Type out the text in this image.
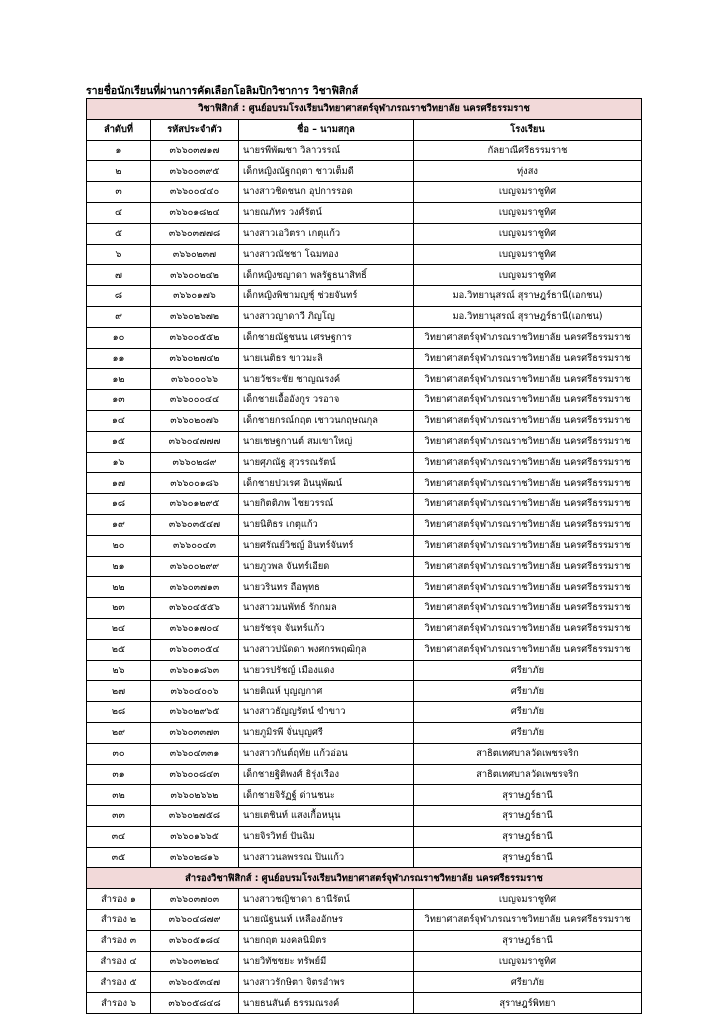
รายชื่อนักเรียนที่ผ่านการคัดเลือกโอลิมปิกวิชาการ วิชาฟิสิกส์
วิชาฟิสิกส์ : ศูนย์อบรมโรงเรียนวิทยาศาสตร์จุฬาภรณราชวิทยาลัย นครศรีธรรมราช			
ลำดับที่	รหัสประจำตัว	ชื่อ – นามสกุล	โรงเรียน
๑	๓๖๖๐๓๗๑๗	นายรพีพัฒชา วิลาวรรณ์	กัลยาณีศรีธรรมราช
๒	๓๖๖๐๐๓๙๕	เด็กหญิงณัฐกฤตา ชาวเต็มดี	ทุ่งสง
๓	๓๖๖๐๐๔๔๐	นางสาวชิดชนก อุปการรอด	เบญจมราชูทิศ
๔	๓๖๖๐๑๘๒๔	นายณภัทร วงศ์รัตน์	เบญจมราชูทิศ
๕	๓๖๖๐๓๗๗๘	นางสาวเอวิตรา เกตุแก้ว	เบญจมราชูทิศ
๖	๓๖๖๐๒๓๗	นางสาวณัชชา โฉมทอง	เบญจมราชูทิศ
๗	๓๖๖๐๐๒๔๒	เด็กหญิงชญาดา พลรัฐธนาสิทธิ์	เบญจมราชูทิศ
๘	๓๖๖๐๑๗๖	เด็กหญิงพิชามญชุ์ ช่วยจันทร์	มอ.วิทยานุสรณ์ สุราษฎร์ธานี(เอกชน)
๙	๓๖๖๐๒๖๗๒	นางสาวญาดาวี ภิญโญ	มอ.วิทยานุสรณ์ สุราษฎร์ธานี(เอกชน)
๑๐	๓๖๖๐๐๕๕๒	เด็กชายณัฐชนน เศรษฐการ	วิทยาศาสตร์จุฬาภรณราชวิทยาลัย นครศรีธรรมราช
๑๑	๓๖๖๐๒๗๔๒	นายเนติธร ขาวมะลิ	วิทยาศาสตร์จุฬาภรณราชวิทยาลัย นครศรีธรรมราช
๑๒	๓๖๖๐๐๐๖๖	นายวัชระชัย ชาญณรงค์	วิทยาศาสตร์จุฬาภรณราชวิทยาลัย นครศรีธรรมราช
๑๓	๓๖๖๐๐๐๔๔	เด็กชายเอื้ออังกูร วรอาจ	วิทยาศาสตร์จุฬาภรณราชวิทยาลัย นครศรีธรรมราช
๑๔	๓๖๖๐๒๐๗๖	เด็กชายกรณ์กฤต เชาวนกฤษณกุล	วิทยาศาสตร์จุฬาภรณราชวิทยาลัย นครศรีธรรมราช
๑๕	๓๖๖๐๔๗๗๗	นายเชษฐกานต์ สมเขาใหญ่	วิทยาศาสตร์จุฬาภรณราชวิทยาลัย นครศรีธรรมราช
๑๖	๓๖๖๐๒๘๙	นายศุภณัฐ สุวรรณรัตน์	วิทยาศาสตร์จุฬาภรณราชวิทยาลัย นครศรีธรรมราช
๑๗	๓๖๖๐๐๑๘๖	เด็กชายปวเรศ อินนุพัฒน์	วิทยาศาสตร์จุฬาภรณราชวิทยาลัย นครศรีธรรมราช
๑๘	๓๖๖๐๑๒๙๕	นายกิตติภพ ไชยวรรณ์	วิทยาศาสตร์จุฬาภรณราชวิทยาลัย นครศรีธรรมราช
๑๙	๓๖๖๐๓๕๔๗	นายนิติธร เกตุแก้ว	วิทยาศาสตร์จุฬาภรณราชวิทยาลัย นครศรีธรรมราช
๒๐	๓๖๖๐๐๔๓	นายศรัณย์วิชญ์ อินทร์จันทร์	วิทยาศาสตร์จุฬาภรณราชวิทยาลัย นครศรีธรรมราช
๒๑	๓๖๖๐๐๒๙๙	นายภูวพล จันทร์เอียด	วิทยาศาสตร์จุฬาภรณราชวิทยาลัย นครศรีธรรมราช
๒๒	๓๖๖๐๓๗๑๓	นายวรินทร ถือพุทธ	วิทยาศาสตร์จุฬาภรณราชวิทยาลัย นครศรีธรรมราช
๒๓	๓๖๖๐๔๕๕๖	นางสาวมนพัทธ์ รักกมล	วิทยาศาสตร์จุฬาภรณราชวิทยาลัย นครศรีธรรมราช
๒๔	๓๖๖๐๑๗๐๔	นายรัชรุจ จันทร์แก้ว	วิทยาศาสตร์จุฬาภรณราชวิทยาลัย นครศรีธรรมราช
๒๕	๓๖๖๐๓๐๕๔	นางสาวปนัดดา พงศกรพฤฒิกุล	วิทยาศาสตร์จุฬาภรณราชวิทยาลัย นครศรีธรรมราช
๒๖	๓๖๖๐๑๘๖๓	นายวรปรัชญ์ เมืองแดง	ศรียาภัย
๒๗	๓๖๖๐๔๐๐๖	นายติณห์ บุญญกาศ	ศรียาภัย
๒๘	๓๖๖๐๒๙๖๕	นางสาวธัญญรัตน์ ขำขาว	ศรียาภัย
๒๙	๓๖๖๐๓๓๗๓	นายภูมิรพี จั่นบุญศรี	ศรียาภัย
๓๐	๓๖๖๐๔๓๓๑	นางสาวกันต์ฤทัย แก้วอ่อน	สาธิตเทศบาลวัดเพชรจริก
๓๑	๓๖๖๐๐๘๔๓	เด็กชายฐิติพงศ์ ธิรุ่งเรือง	สาธิตเทศบาลวัดเพชรจริก
๓๒	๓๖๖๐๒๖๖๒	เด็กชายจิรัฏฐ์ ด่านชนะ	สุราษฎร์ธานี
๓๓	๓๖๖๐๒๗๕๘	นายเตชินท์ แสงเกื้อหนุน	สุราษฎร์ธานี
๓๔	๓๖๖๐๑๖๖๕	นายจิรวิทย์ ปันฉิม	สุราษฎร์ธานี
๓๕	๓๖๖๐๒๘๑๖	นางสาวนลพรรณ ปินแก้ว	สุราษฎร์ธานี
สำรองวิชาฟิสิกส์ : ศูนย์อบรมโรงเรียนวิทยาศาสตร์จุฬาภรณราชวิทยาลัย นครศรีธรรมราช			
สำรอง ๑	๓๖๖๐๓๗๐๓	นางสาวชญิชาดา ธานีรัตน์	เบญจมราชูทิศ
สำรอง ๒	๓๖๖๐๔๘๗๙	นายณัฐนนท์ เหลืองอักษร	วิทยาศาสตร์จุฬาภรณราชวิทยาลัย นครศรีธรรมราช
สำรอง ๓	๓๖๖๐๕๑๘๔	นายกฤต มงคลนิมิตร	สุราษฎร์ธานี
สำรอง ๔	๓๖๖๐๓๒๒๔	นายวิทัชชยะ ทรัพย์มี	เบญจมราชูทิศ
สำรอง ๕	๓๖๖๐๕๓๔๗	นางสาวรักษิตา จิตรอำพร	ศรียาภัย
สำรอง ๖	๓๖๖๐๕๘๔๘	นายธนสันต์ ธรรมณรงค์	สุราษฎร์พิทยา
